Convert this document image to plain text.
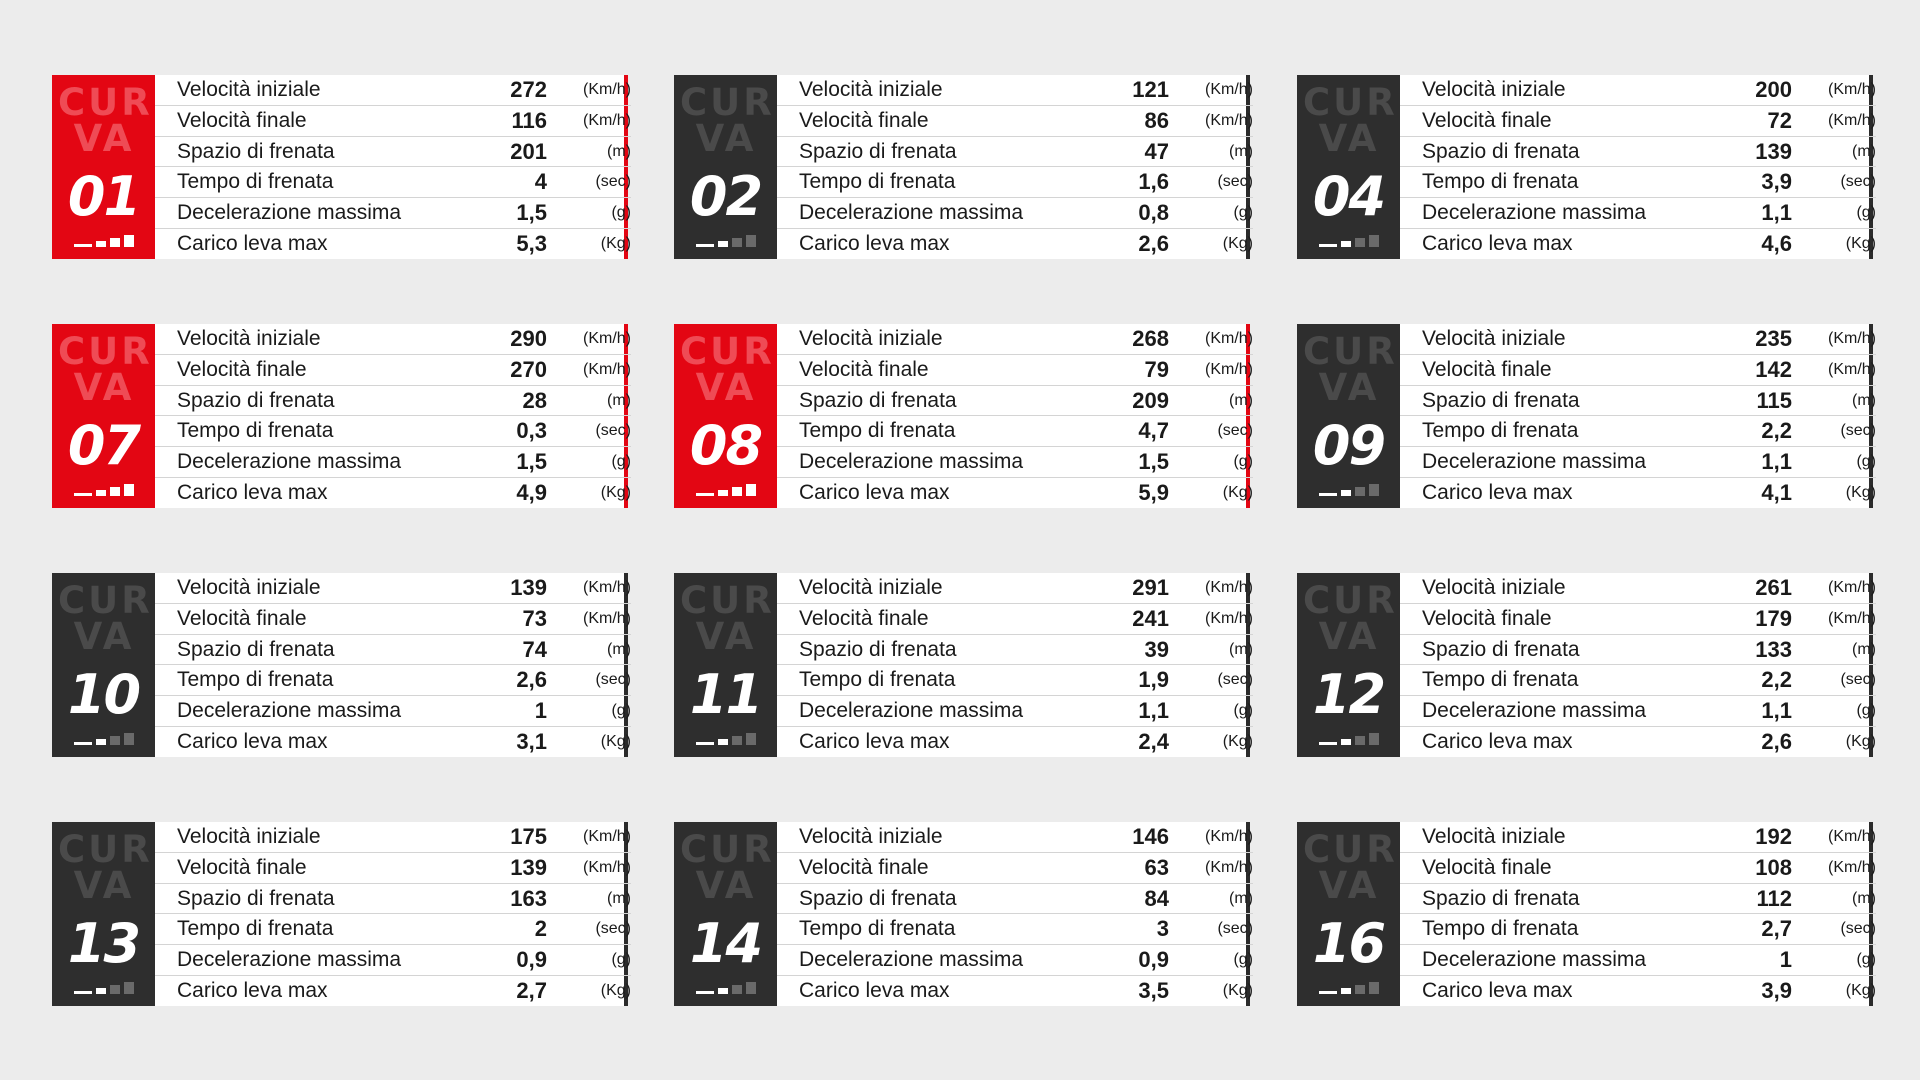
CUR
VA
01
Velocità iniziale	272	(Km/h)
Velocità finale	116	(Km/h)
Spazio di frenata	201	(m)
Tempo di frenata	4	(sec)
Decelerazione massima	1,5	(g)
Carico leva max	5,3	(Kg)
CUR
VA
02
Velocità iniziale	121	(Km/h)
Velocità finale	86	(Km/h)
Spazio di frenata	47	(m)
Tempo di frenata	1,6	(sec)
Decelerazione massima	0,8	(g)
Carico leva max	2,6	(Kg)
CUR
VA
04
Velocità iniziale	200	(Km/h)
Velocità finale	72	(Km/h)
Spazio di frenata	139	(m)
Tempo di frenata	3,9	(sec)
Decelerazione massima	1,1	(g)
Carico leva max	4,6	(Kg)
CUR
VA
07
Velocità iniziale	290	(Km/h)
Velocità finale	270	(Km/h)
Spazio di frenata	28	(m)
Tempo di frenata	0,3	(sec)
Decelerazione massima	1,5	(g)
Carico leva max	4,9	(Kg)
CUR
VA
08
Velocità iniziale	268	(Km/h)
Velocità finale	79	(Km/h)
Spazio di frenata	209	(m)
Tempo di frenata	4,7	(sec)
Decelerazione massima	1,5	(g)
Carico leva max	5,9	(Kg)
CUR
VA
09
Velocità iniziale	235	(Km/h)
Velocità finale	142	(Km/h)
Spazio di frenata	115	(m)
Tempo di frenata	2,2	(sec)
Decelerazione massima	1,1	(g)
Carico leva max	4,1	(Kg)
CUR
VA
10
Velocità iniziale	139	(Km/h)
Velocità finale	73	(Km/h)
Spazio di frenata	74	(m)
Tempo di frenata	2,6	(sec)
Decelerazione massima	1	(g)
Carico leva max	3,1	(Kg)
CUR
VA
11
Velocità iniziale	291	(Km/h)
Velocità finale	241	(Km/h)
Spazio di frenata	39	(m)
Tempo di frenata	1,9	(sec)
Decelerazione massima	1,1	(g)
Carico leva max	2,4	(Kg)
CUR
VA
12
Velocità iniziale	261	(Km/h)
Velocità finale	179	(Km/h)
Spazio di frenata	133	(m)
Tempo di frenata	2,2	(sec)
Decelerazione massima	1,1	(g)
Carico leva max	2,6	(Kg)
CUR
VA
13
Velocità iniziale	175	(Km/h)
Velocità finale	139	(Km/h)
Spazio di frenata	163	(m)
Tempo di frenata	2	(sec)
Decelerazione massima	0,9	(g)
Carico leva max	2,7	(Kg)
CUR
VA
14
Velocità iniziale	146	(Km/h)
Velocità finale	63	(Km/h)
Spazio di frenata	84	(m)
Tempo di frenata	3	(sec)
Decelerazione massima	0,9	(g)
Carico leva max	3,5	(Kg)
CUR
VA
16
Velocità iniziale	192	(Km/h)
Velocità finale	108	(Km/h)
Spazio di frenata	112	(m)
Tempo di frenata	2,7	(sec)
Decelerazione massima	1	(g)
Carico leva max	3,9	(Kg)
